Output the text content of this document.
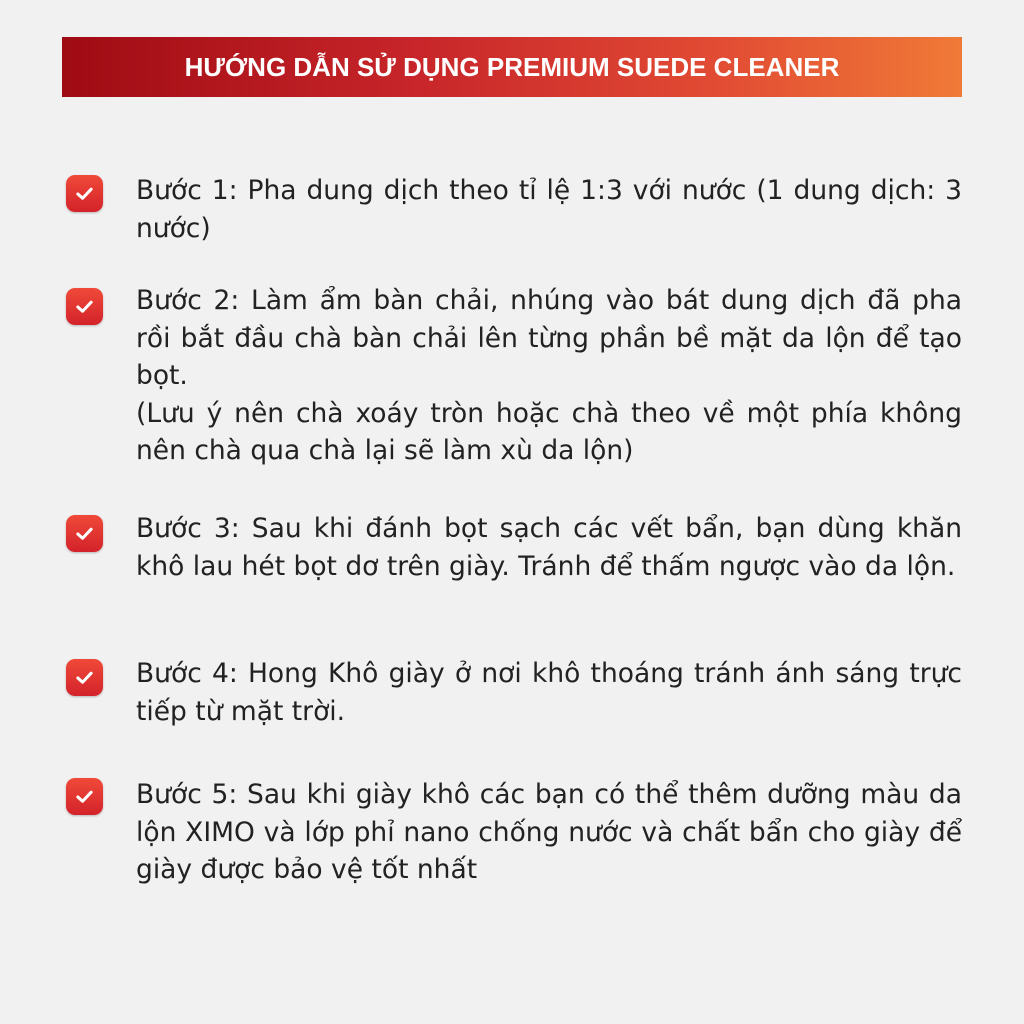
HƯỚNG DẪN SỬ DỤNG PREMIUM SUEDE CLEANER

Bước 1: Pha dung dịch theo tỉ lệ 1:3 với nước (1 dung dịch: 3 nước)

Bước 2: Làm ẩm bàn chải, nhúng vào bát dung dịch đã pha rồi bắt đầu chà bàn chải lên từng phần bề mặt da lộn để tạo bọt.

(Lưu ý nên chà xoáy tròn hoặc chà theo về một phía không nên chà qua chà lại sẽ làm xù da lộn)

Bước 3: Sau khi đánh bọt sạch các vết bẩn, bạn dùng khăn khô lau hét bọt dơ trên giày. Tránh để thấm ngược vào da lộn.

Bước 4: Hong Khô giày ở nơi khô thoáng tránh ánh sáng trực tiếp từ mặt trời.

Bước 5: Sau khi giày khô các bạn có thể thêm dưỡng màu da lộn XIMO và lớp phỉ nano chống nước và chất bẩn cho giày để giày được bảo vệ tốt nhất
